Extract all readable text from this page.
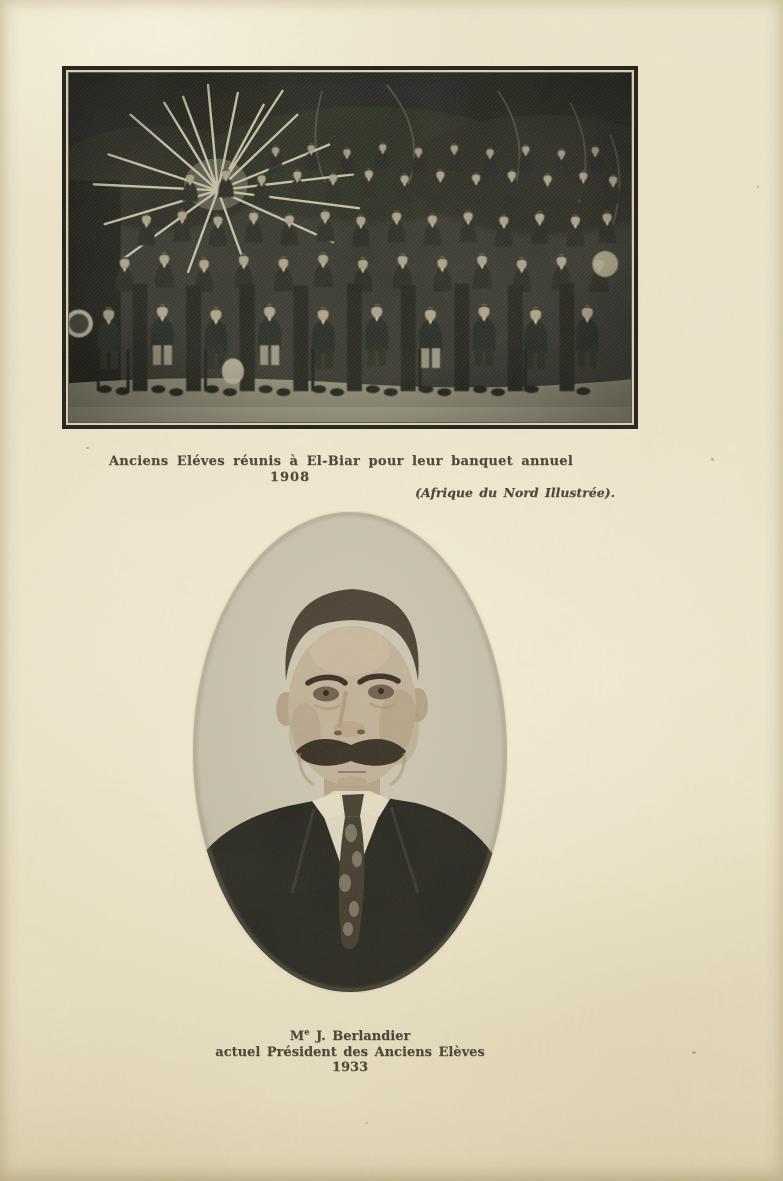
Anciens Eléves réunis à El-Biar pour leur banquet annuel
1908
(Afrique du Nord Illustrée).
Me J. Berlandier
actuel Président des Anciens Elèves
1933
